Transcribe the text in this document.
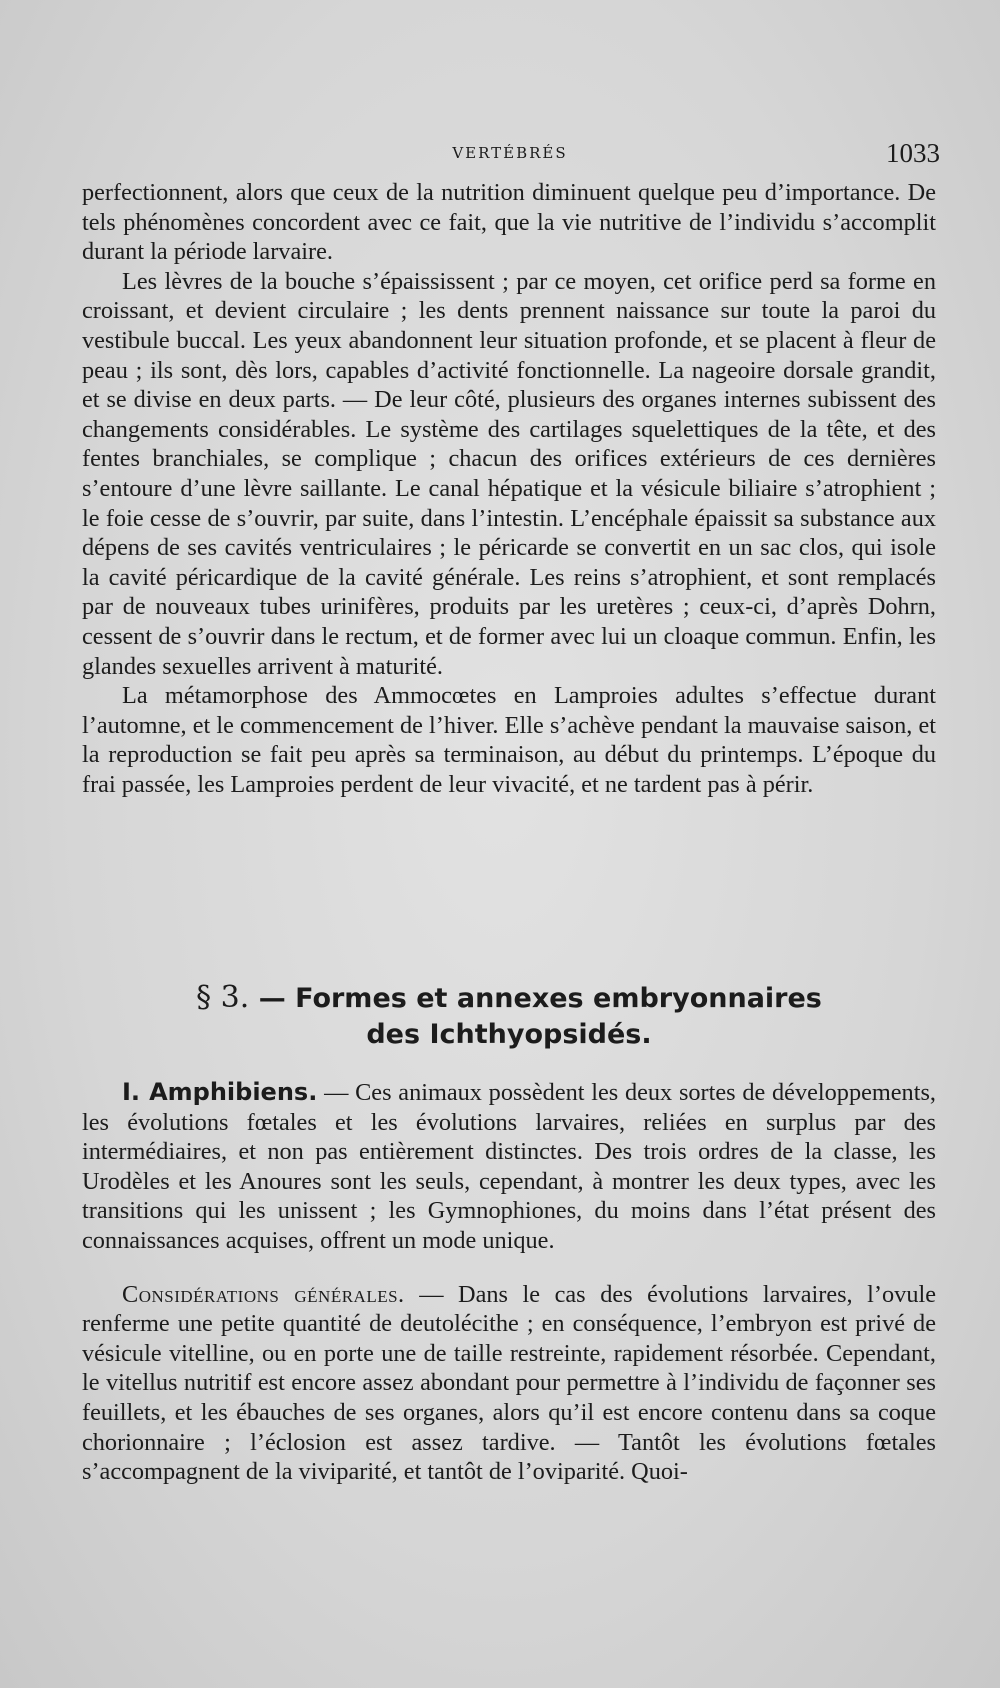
VERTÉBRÉS	1033

perfectionnent, alors que ceux de la nutrition diminuent quelque peu d’importance. De tels phénomènes concordent avec ce fait, que la vie nutritive de l’individu s’accomplit durant la période larvaire.

Les lèvres de la bouche s’épaississent ; par ce moyen, cet orifice perd sa forme en croissant, et devient circulaire ; les dents prennent naissance sur toute la paroi du vestibule buccal. Les yeux abandonnent leur situation profonde, et se placent à fleur de peau ; ils sont, dès lors, capables d’activité fonctionnelle. La nageoire dorsale grandit, et se divise en deux parts. — De leur côté, plusieurs des organes internes subissent des changements considérables. Le système des cartilages squelettiques de la tête, et des fentes branchiales, se complique ; chacun des orifices extérieurs de ces dernières s’entoure d’une lèvre saillante. Le canal hépatique et la vésicule biliaire s’atrophient ; le foie cesse de s’ouvrir, par suite, dans l’intestin. L’encéphale épaissit sa substance aux dépens de ses cavités ventriculaires ; le péricarde se convertit en un sac clos, qui isole la cavité péricardique de la cavité générale. Les reins s’atrophient, et sont remplacés par de nouveaux tubes urinifères, produits par les uretères ; ceux-ci, d’après Dohrn, cessent de s’ouvrir dans le rectum, et de former avec lui un cloaque commun. Enfin, les glandes sexuelles arrivent à maturité.

La métamorphose des Ammocœtes en Lamproies adultes s’effectue durant l’automne, et le commencement de l’hiver. Elle s’achève pendant la mauvaise saison, et la reproduction se fait peu après sa terminaison, au début du printemps. L’époque du frai passée, les Lamproies perdent de leur vivacité, et ne tardent pas à périr.

§ 3. — Formes et annexes embryonnaires
des Ichthyopsidés.

I. Amphibiens. — Ces animaux possèdent les deux sortes de développements, les évolutions fœtales et les évolutions larvaires, reliées en surplus par des intermédiaires, et non pas entièrement distinctes. Des trois ordres de la classe, les Urodèles et les Anoures sont les seuls, cependant, à montrer les deux types, avec les transitions qui les unissent ; les Gymnophiones, du moins dans l’état présent des connaissances acquises, offrent un mode unique.

Considérations générales. — Dans le cas des évolutions larvaires, l’ovule renferme une petite quantité de deutolécithe ; en conséquence, l’embryon est privé de vésicule vitelline, ou en porte une de taille restreinte, rapidement résorbée. Cependant, le vitellus nutritif est encore assez abondant pour permettre à l’individu de façonner ses feuillets, et les ébauches de ses organes, alors qu’il est encore contenu dans sa coque chorionnaire ; l’éclosion est assez tardive. — Tantôt les évolutions fœtales s’accompagnent de la viviparité, et tantôt de l’oviparité. Quoi-
